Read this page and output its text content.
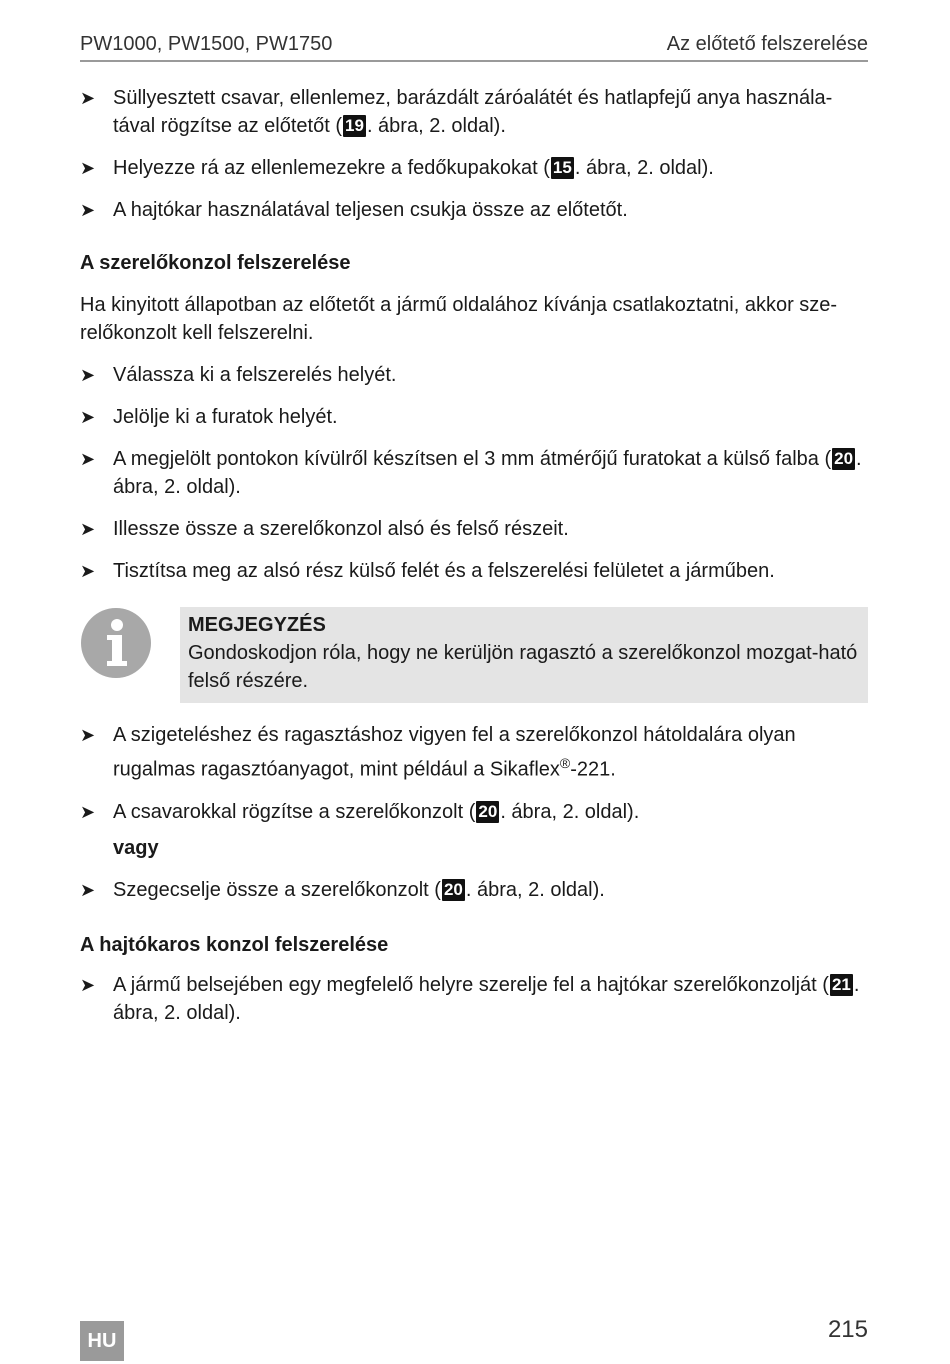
PW1000, PW1500, PW1750	Az előtető felszerelése
➤ Süllyesztett csavar, ellenlemez, barázdált záróalátét és hatlapfejű anya használa-tával rögzítse az előtetőt ( 19 . ábra, 2. oldal).
➤ Helyezze rá az ellenlemezekre a fedőkupakokat ( 15 . ábra, 2. oldal).
➤ A hajtókar használatával teljesen csukja össze az előtetőt.
A szerelőkonzol felszerelése

Ha kinyitott állapotban az előtetőt a jármű oldalához kívánja csatlakoztatni, akkor sze-relőkonzolt kell felszerelni.

➤ Válassza ki a felszerelés helyét.
➤ Jelölje ki a furatok helyét.
➤ A megjelölt pontokon kívülről készítsen el 3 mm átmérőjű furatokat a külső falba ( 20 . ábra, 2. oldal).
➤ Illessze össze a szerelőkonzol alsó és felső részeit.
➤ Tisztítsa meg az alsó rész külső felét és a felszerelési felületet a járműben.
MEGJEGYZÉS
Gondoskodjon róla, hogy ne kerüljön ragasztó a szerelőkonzol mozgat-ható felső részére.
➤ A szigeteléshez és ragasztáshoz vigyen fel a szerelőkonzol hátoldalára olyan rugalmas ragasztóanyagot, mint például a Sikaflex®-221.
➤ A csavarokkal rögzítse a szerelőkonzolt ( 20 . ábra, 2. oldal).
vagy
➤ Szegecselje össze a szerelőkonzolt ( 20 . ábra, 2. oldal).
A hajtókaros konzol felszerelése
➤ A jármű belsejében egy megfelelő helyre szerelje fel a hajtókar szerelőkonzolját ( 21 . ábra, 2. oldal).
HU	215
